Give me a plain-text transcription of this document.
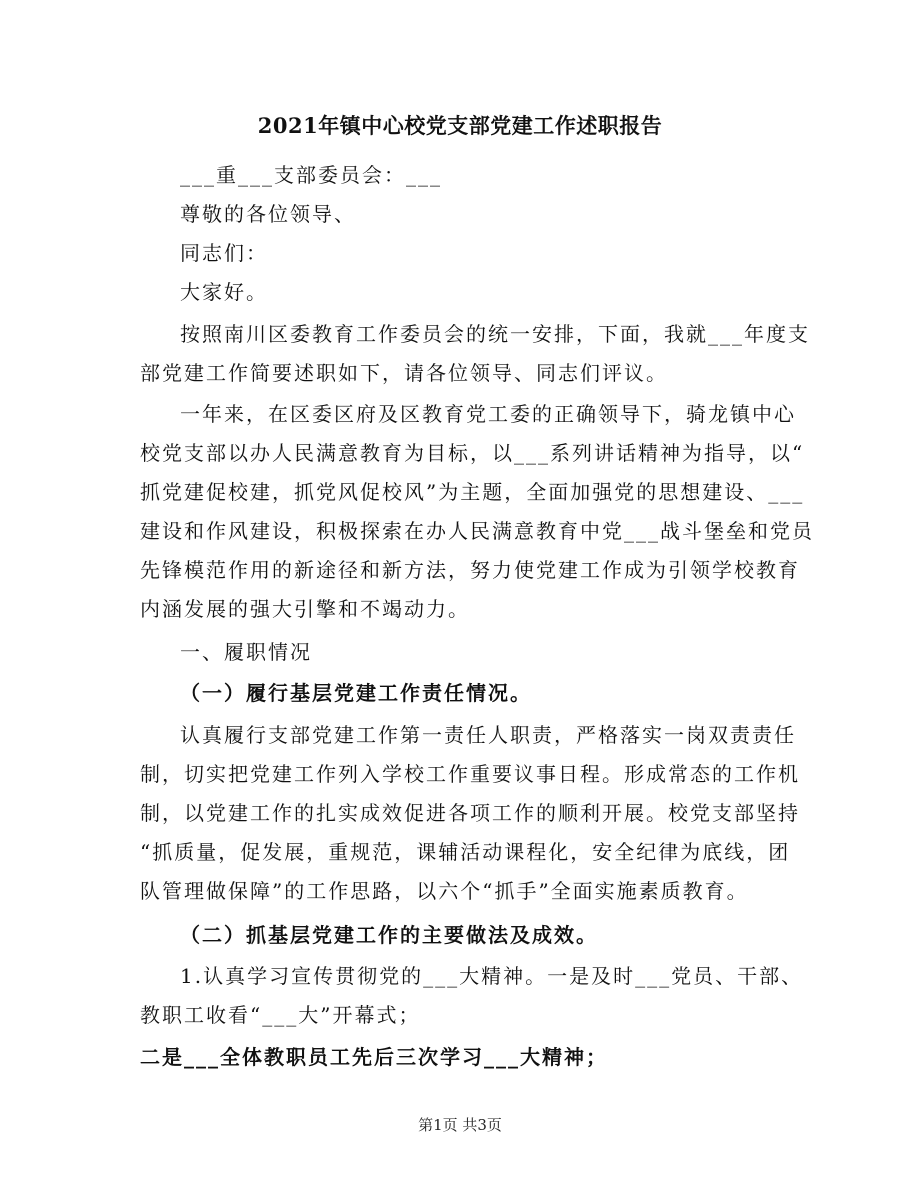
2021年镇中心校党支部党建工作述职报告
___重___支部委员会：___
尊敬的各位领导、
同志们：
大家好。
按照南川区委教育工作委员会的统一安排，下面，我就___年度支
部党建工作简要述职如下，请各位领导、同志们评议。
一年来，在区委区府及区教育党工委的正确领导下，骑龙镇中心
校党支部以办人民满意教育为目标，以___系列讲话精神为指导，以“
抓党建促校建，抓党风促校风”为主题，全面加强党的思想建设、___
建设和作风建设，积极探索在办人民满意教育中党___战斗堡垒和党员
先锋模范作用的新途径和新方法，努力使党建工作成为引领学校教育
内涵发展的强大引擎和不竭动力。
一、履职情况
（一）履行基层党建工作责任情况。
认真履行支部党建工作第一责任人职责，严格落实一岗双责责任
制，切实把党建工作列入学校工作重要议事日程。形成常态的工作机
制，以党建工作的扎实成效促进各项工作的顺利开展。校党支部坚持
“抓质量，促发展，重规范，课辅活动课程化，安全纪律为底线，团
队管理做保障”的工作思路，以六个“抓手”全面实施素质教育。
（二）抓基层党建工作的主要做法及成效。
1.认真学习宣传贯彻党的___大精神。一是及时___党员、干部、
教职工收看“___大”开幕式；
二是___全体教职员工先后三次学习___大精神；
第1页 共3页
